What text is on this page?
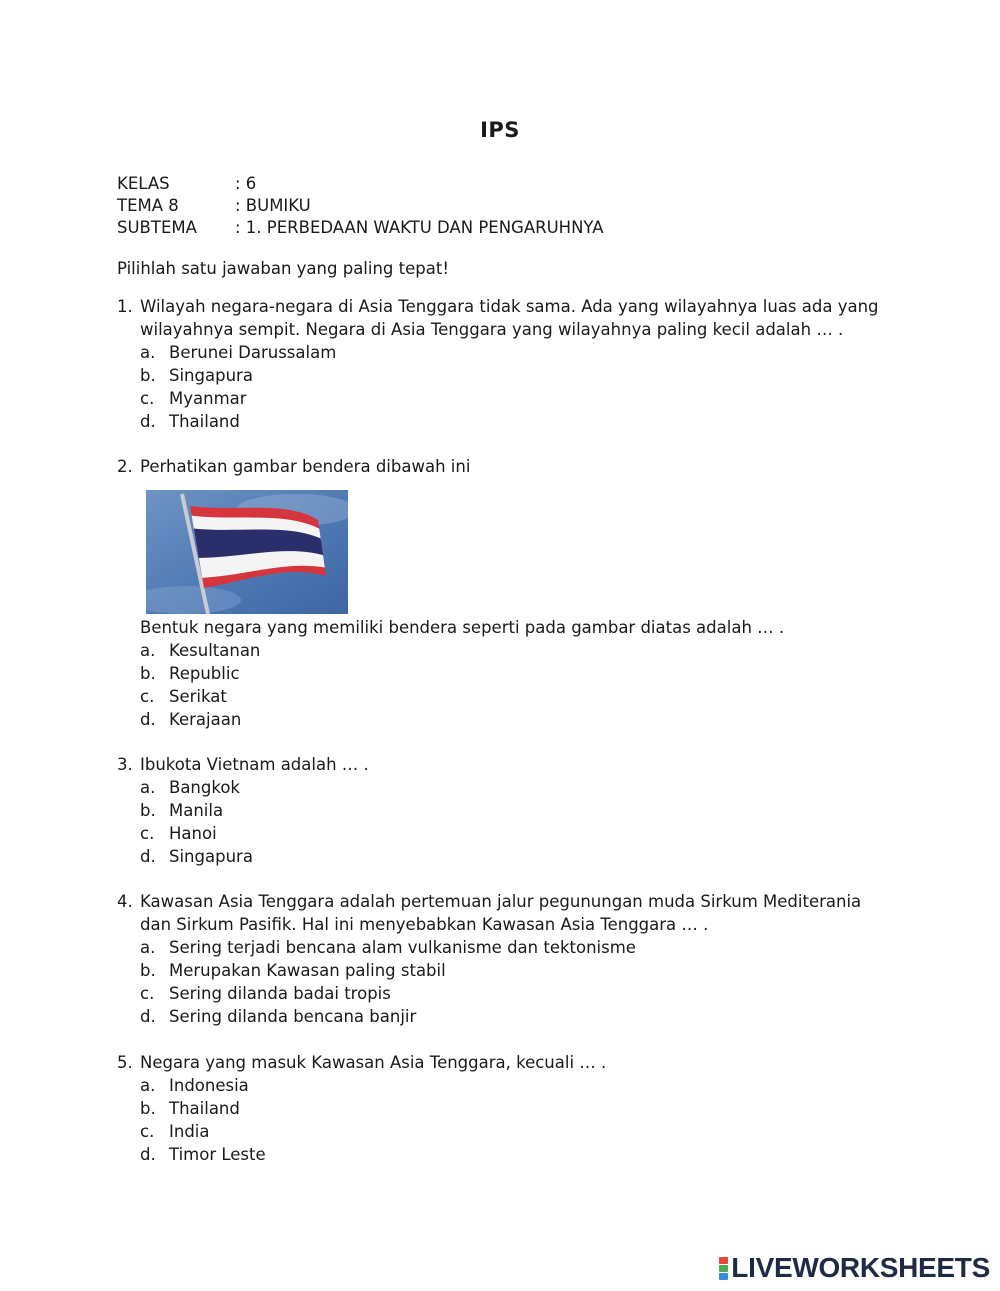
IPS
KELAS	: 6
TEMA 8	: BUMIKU
SUBTEMA	: 1. PERBEDAAN WAKTU DAN PENGARUHNYA
Pilihlah satu jawaban yang paling tepat!
1. Wilayah negara-negara di Asia Tenggara tidak sama. Ada yang wilayahnya luas ada yang wilayahnya sempit. Negara di Asia Tenggara yang wilayahnya paling kecil adalah … .
a. Berunei Darussalam
b. Singapura
c. Myanmar
d. Thailand
2. Perhatikan gambar bendera dibawah ini
Bentuk negara yang memiliki bendera seperti pada gambar diatas adalah … .
a. Kesultanan
b. Republic
c. Serikat
d. Kerajaan
3. Ibukota Vietnam adalah … .
a. Bangkok
b. Manila
c. Hanoi
d. Singapura
4. Kawasan Asia Tenggara adalah pertemuan jalur pegunungan muda Sirkum Mediterania dan Sirkum Pasifik. Hal ini menyebabkan Kawasan Asia Tenggara … .
a. Sering terjadi bencana alam vulkanisme dan tektonisme
b. Merupakan Kawasan paling stabil
c. Sering dilanda badai tropis
d. Sering dilanda bencana banjir
5. Negara yang masuk Kawasan Asia Tenggara, kecuali … .
a. Indonesia
b. Thailand
c. India
d. Timor Leste
LIVEWORKSHEETS
